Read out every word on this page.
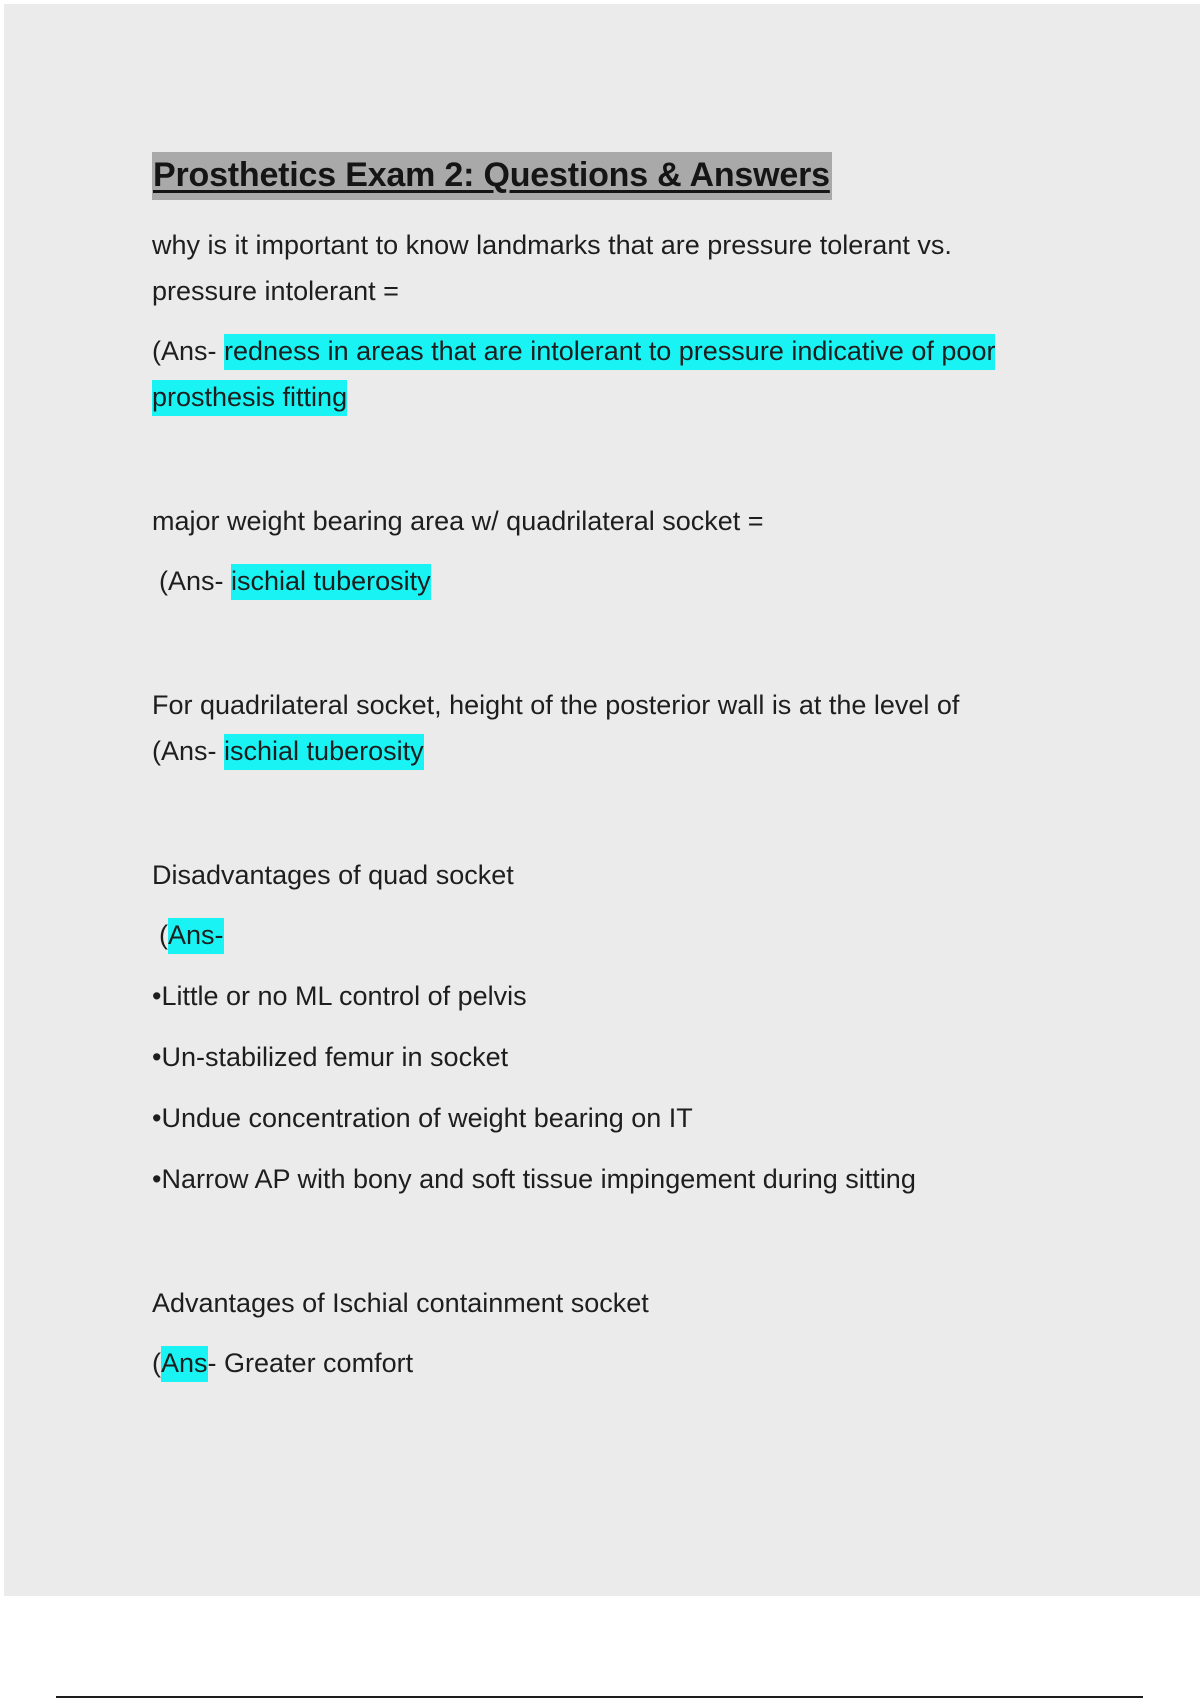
Prosthetics Exam 2: Questions & Answers

why is it important to know landmarks that are pressure tolerant vs.

pressure intolerant =

(Ans- redness in areas that are intolerant to pressure indicative of poor

prosthesis fitting

major weight bearing area w/ quadrilateral socket =

(Ans- ischial tuberosity

For quadrilateral socket, height of the posterior wall is at the level of

(Ans- ischial tuberosity

Disadvantages of quad socket

(Ans-

•Little or no ML control of pelvis

•Un-stabilized femur in socket

•Undue concentration of weight bearing on IT

•Narrow AP with bony and soft tissue impingement during sitting

Advantages of Ischial containment socket

(Ans- Greater comfort
